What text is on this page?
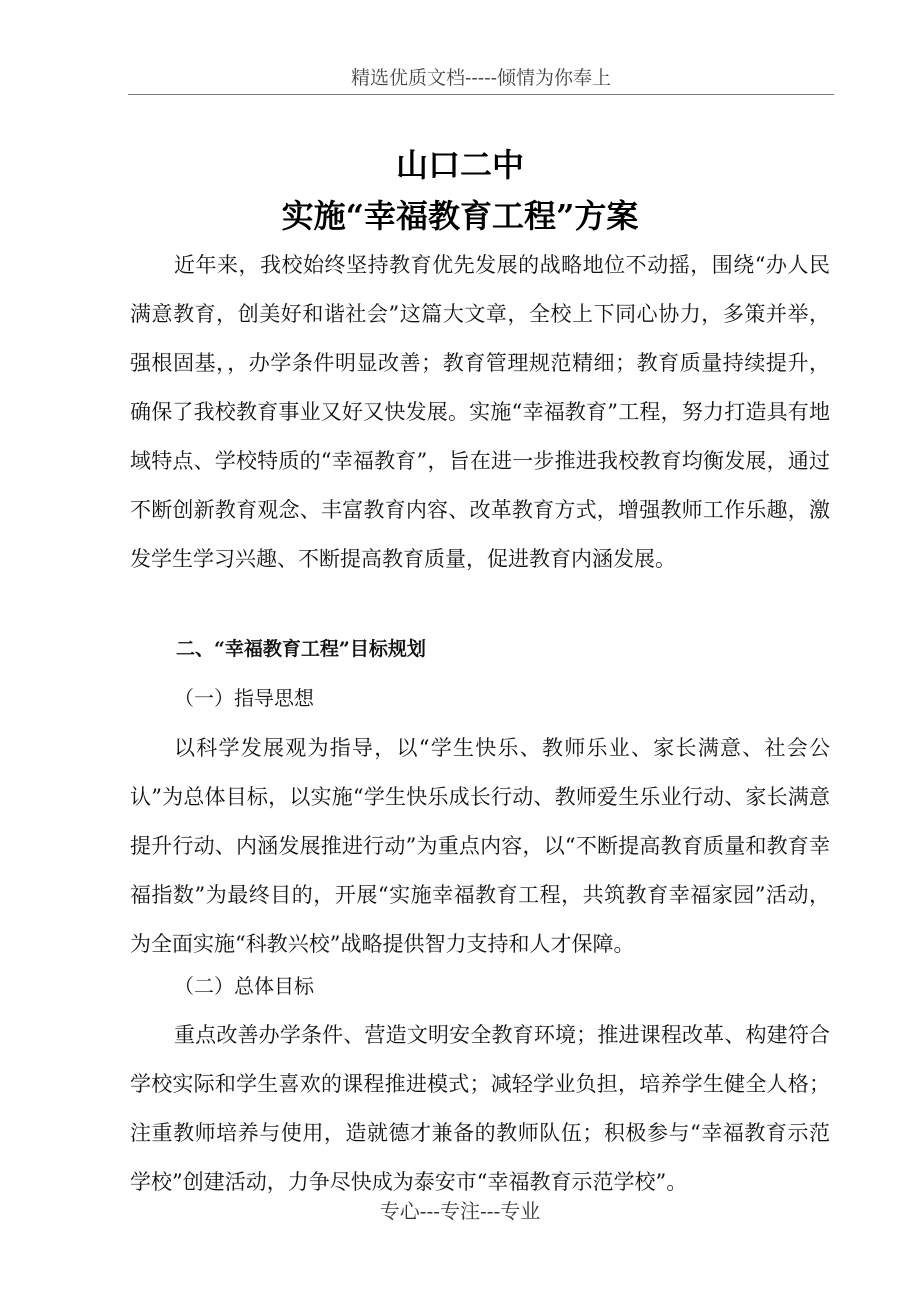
精选优质文档-----倾情为你奉上
山口二中
实施“幸福教育工程”方案

近年来，我校始终坚持教育优先发展的战略地位不动摇，围绕“办人民满意教育，创美好和谐社会”这篇大文章，全校上下同心协力，多策并举，强根固基，，办学条件明显改善；教育管理规范精细；教育质量持续提升，确保了我校教育事业又好又快发展。实施“幸福教育”工程，努力打造具有地域特点、学校特质的“幸福教育”，旨在进一步推进我校教育均衡发展，通过不断创新教育观念、丰富教育内容、改革教育方式，增强教师工作乐趣，激发学生学习兴趣、不断提高教育质量，促进教育内涵发展。

二、“幸福教育工程”目标规划
（一）指导思想

以科学发展观为指导，以“学生快乐、教师乐业、家长满意、社会公认”为总体目标，以实施“学生快乐成长行动、教师爱生乐业行动、家长满意提升行动、内涵发展推进行动”为重点内容，以“不断提高教育质量和教育幸福指数”为最终目的，开展“实施幸福教育工程，共筑教育幸福家园”活动，为全面实施“科教兴校”战略提供智力支持和人才保障。

（二）总体目标

重点改善办学条件、营造文明安全教育环境；推进课程改革、构建符合学校实际和学生喜欢的课程推进模式；减轻学业负担，培养学生健全人格；注重教师培养与使用，造就德才兼备的教师队伍；积极参与“幸福教育示范学校”创建活动，力争尽快成为泰安市“幸福教育示范学校”。

专心---专注---专业
